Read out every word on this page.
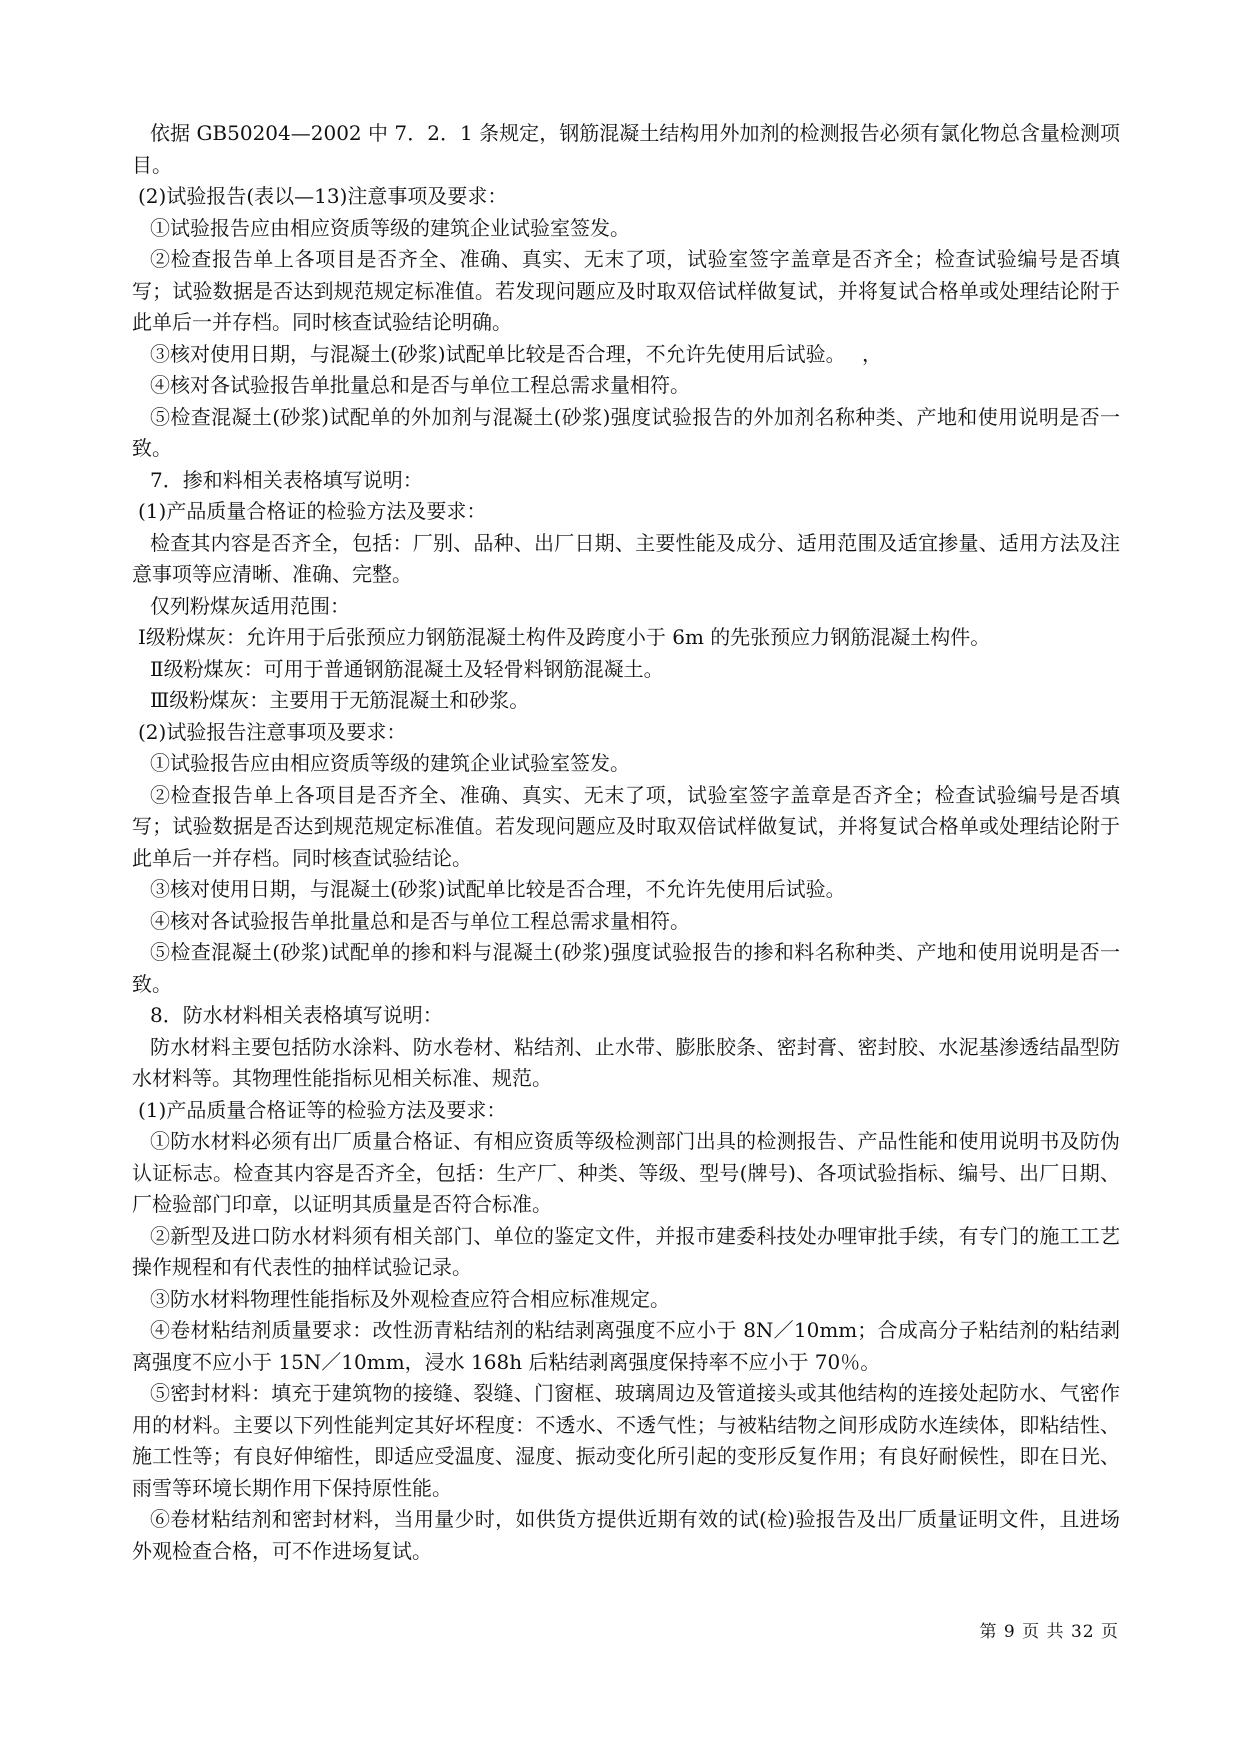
依据 GB50204—2002 中 7．2．1 条规定，钢筋混凝土结构用外加剂的检测报告必须有氯化物总含量检测项目。

(2)试验报告(表以—13)注意事项及要求：

①试验报告应由相应资质等级的建筑企业试验室签发。

②检查报告单上各项目是否齐全、准确、真实、无末了项，试验室签字盖章是否齐全；检查试验编号是否填写；试验数据是否达到规范规定标准值。若发现问题应及时取双倍试样做复试，并将复试合格单或处理结论附于此单后一并存档。同时核查试验结论明确。

③核对使用日期，与混凝土(砂浆)试配单比较是否合理，不允许先使用后试验。　 ，

④核对各试验报告单批量总和是否与单位工程总需求量相符。

⑤检查混凝土(砂浆)试配单的外加剂与混凝土(砂浆)强度试验报告的外加剂名称种类、产地和使用说明是否一致。

7．掺和料相关表格填写说明：

(1)产品质量合格证的检验方法及要求：

检查其内容是否齐全，包括：厂别、品种、出厂日期、主要性能及成分、适用范围及适宜掺量、适用方法及注意事项等应清晰、准确、完整。

仅列粉煤灰适用范围：

Ⅰ级粉煤灰：允许用于后张预应力钢筋混凝土构件及跨度小于 6m 的先张预应力钢筋混凝土构件。

Ⅱ级粉煤灰：可用于普通钢筋混凝土及轻骨料钢筋混凝土。

Ⅲ级粉煤灰：主要用于无筋混凝土和砂浆。

(2)试验报告注意事项及要求：

①试验报告应由相应资质等级的建筑企业试验室签发。

②检查报告单上各项目是否齐全、准确、真实、无末了项，试验室签字盖章是否齐全；检查试验编号是否填写；试验数据是否达到规范规定标准值。若发现问题应及时取双倍试样做复试，并将复试合格单或处理结论附于此单后一并存档。同时核查试验结论。

③核对使用日期，与混凝土(砂浆)试配单比较是否合理，不允许先使用后试验。

④核对各试验报告单批量总和是否与单位工程总需求量相符。

⑤检查混凝土(砂浆)试配单的掺和料与混凝土(砂浆)强度试验报告的掺和料名称种类、产地和使用说明是否一致。

8．防水材料相关表格填写说明：

防水材料主要包括防水涂料、防水卷材、粘结剂、止水带、膨胀胶条、密封膏、密封胶、水泥基渗透结晶型防水材料等。其物理性能指标见相关标准、规范。

(1)产品质量合格证等的检验方法及要求：

①防水材料必须有出厂质量合格证、有相应资质等级检测部门出具的检测报告、产品性能和使用说明书及防伪认证标志。检查其内容是否齐全，包括：生产厂、种类、等级、型号(牌号)、各项试验指标、编号、出厂日期、厂检验部门印章，以证明其质量是否符合标准。

②新型及进口防水材料须有相关部门、单位的鉴定文件，并报市建委科技处办哩审批手续，有专门的施工工艺操作规程和有代表性的抽样试验记录。

③防水材料物理性能指标及外观检查应符合相应标准规定。

④卷材粘结剂质量要求：改性沥青粘结剂的粘结剥离强度不应小于 8N／10mm；合成高分子粘结剂的粘结剥离强度不应小于 15N／10mm，浸水 168h 后粘结剥离强度保持率不应小于 70％。

⑤密封材料：填充于建筑物的接缝、裂缝、门窗框、玻璃周边及管道接头或其他结构的连接处起防水、气密作用的材料。主要以下列性能判定其好坏程度：不透水、不透气性；与被粘结物之间形成防水连续体，即粘结性、施工性等；有良好伸缩性，即适应受温度、湿度、振动变化所引起的变形反复作用；有良好耐候性，即在日光、雨雪等环境长期作用下保持原性能。

⑥卷材粘结剂和密封材料，当用量少时，如供货方提供近期有效的试(检)验报告及出厂质量证明文件，且进场外观检查合格，可不作进场复试。

第 9 页 共 32 页
